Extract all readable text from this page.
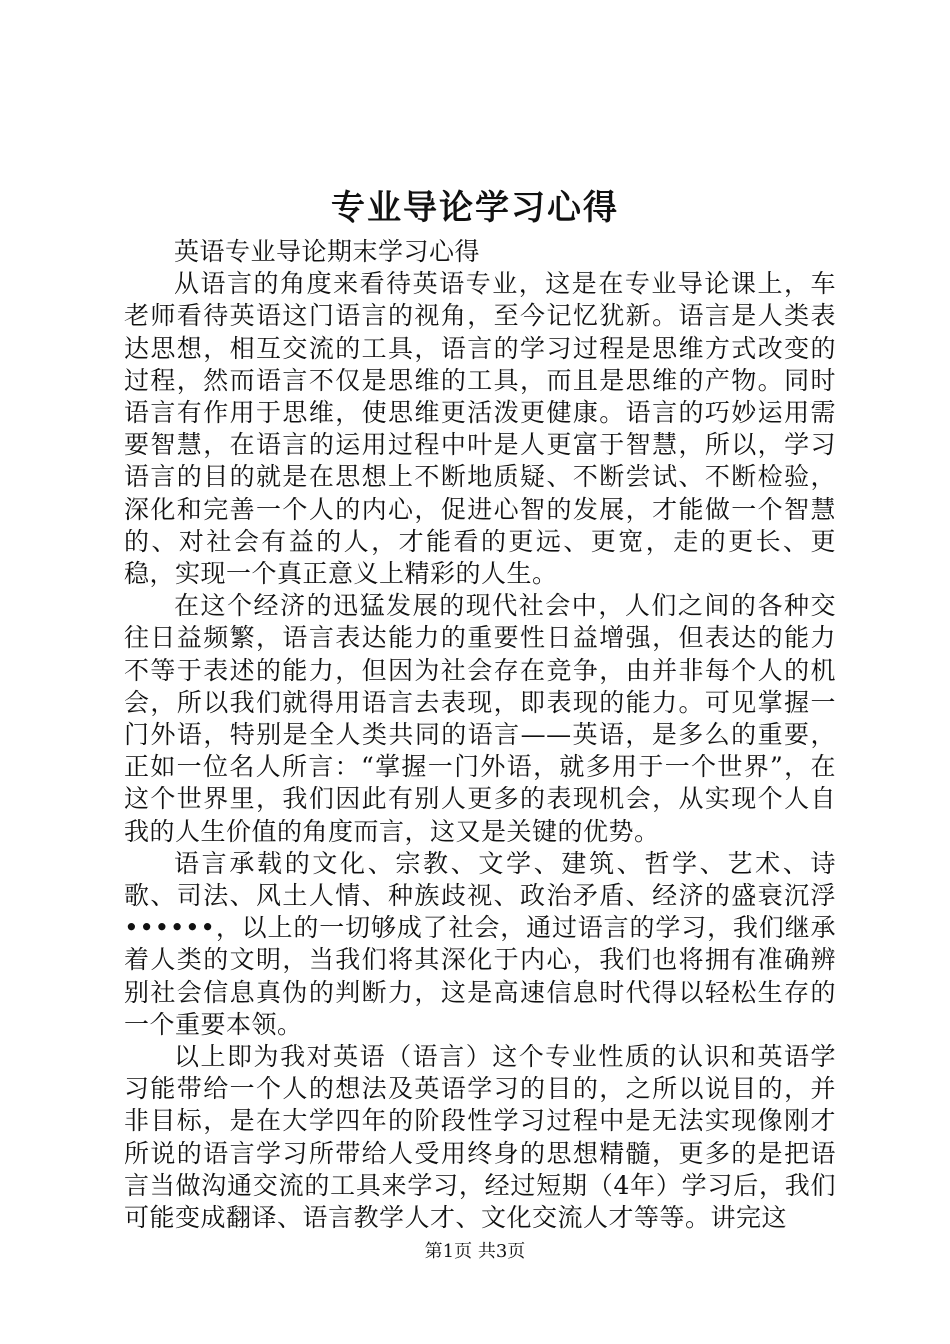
专业导论学习心得

英语专业导论期末学习心得

从语言的角度来看待英语专业，这是在专业导论课上，车老师看待英语这门语言的视角，至今记忆犹新。语言是人类表达思想，相互交流的工具，语言的学习过程是思维方式改变的过程，然而语言不仅是思维的工具，而且是思维的产物。同时语言有作用于思维，使思维更活泼更健康。语言的巧妙运用需要智慧，在语言的运用过程中叶是人更富于智慧，所以，学习语言的目的就是在思想上不断地质疑、不断尝试、不断检验，深化和完善一个人的内心，促进心智的发展，才能做一个智慧的、对社会有益的人，才能看的更远、更宽，走的更长、更稳，实现一个真正意义上精彩的人生。

在这个经济的迅猛发展的现代社会中，人们之间的各种交往日益频繁，语言表达能力的重要性日益增强，但表达的能力不等于表述的能力，但因为社会存在竞争，由并非每个人的机会，所以我们就得用语言去表现，即表现的能力。可见掌握一门外语，特别是全人类共同的语言——英语，是多么的重要，正如一位名人所言：“掌握一门外语，就多用于一个世界”，在这个世界里，我们因此有别人更多的表现机会，从实现个人自我的人生价值的角度而言，这又是关键的优势。

语言承载的文化、宗教、文学、建筑、哲学、艺术、诗歌、司法、风土人情、种族歧视、政治矛盾、经济的盛衰沉浮••••••，以上的一切够成了社会，通过语言的学习，我们继承着人类的文明，当我们将其深化于内心，我们也将拥有准确辨别社会信息真伪的判断力，这是高速信息时代得以轻松生存的一个重要本领。

以上即为我对英语（语言）这个专业性质的认识和英语学习能带给一个人的想法及英语学习的目的，之所以说目的，并非目标，是在大学四年的阶段性学习过程中是无法实现像刚才所说的语言学习所带给人受用终身的思想精髓，更多的是把语言当做沟通交流的工具来学习，经过短期（4年）学习后，我们可能变成翻译、语言教学人才、文化交流人才等等。讲完这

第1页 共3页
